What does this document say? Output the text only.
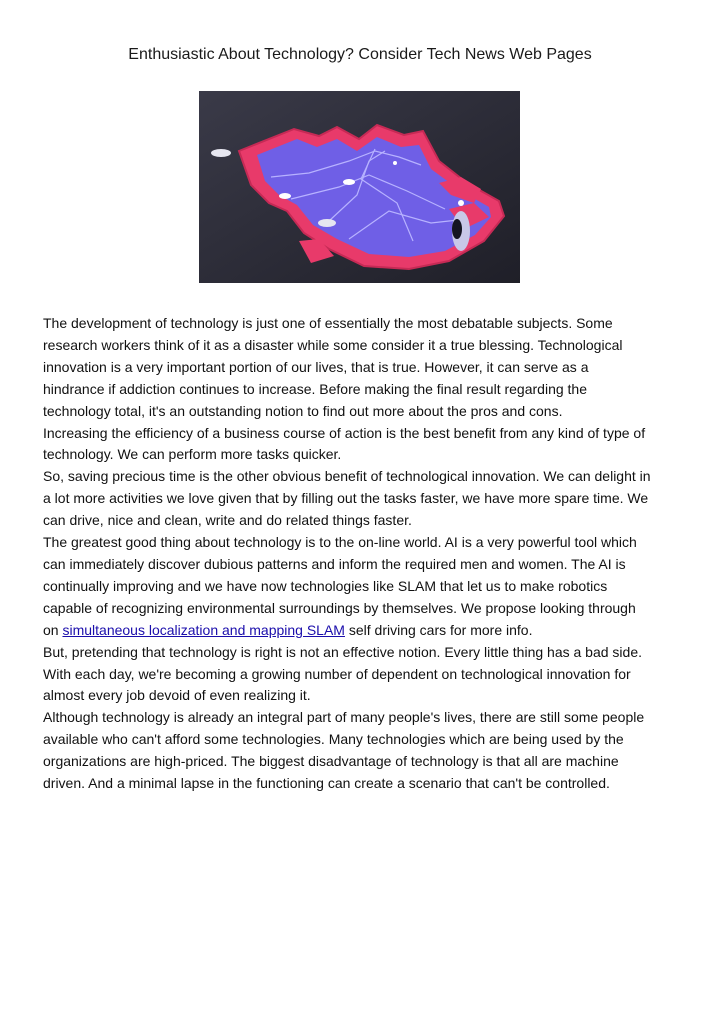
Enthusiastic About Technology? Consider Tech News Web Pages

The development of technology is just one of essentially the most debatable subjects. Some

research workers think of it as a disaster while some consider it a true blessing. Technological

innovation is a very important portion of our lives, that is true. However, it can serve as a

hindrance if addiction continues to increase. Before making the final result regarding the

technology total, it's an outstanding notion to find out more about the pros and cons.

Increasing the efficiency of a business course of action is the best benefit from any kind of type of

technology. We can perform more tasks quicker.

So, saving precious time is the other obvious benefit of technological innovation. We can delight in

a lot more activities we love given that by filling out the tasks faster, we have more spare time. We

can drive, nice and clean, write and do related things faster.

The greatest good thing about technology is to the on-line world. AI is a very powerful tool which

can immediately discover dubious patterns and inform the required men and women. The AI is

continually improving and we have now technologies like SLAM that let us to make robotics

capable of recognizing environmental surroundings by themselves. We propose looking through

on simultaneous localization and mapping SLAM self driving cars for more info.

But, pretending that technology is right is not an effective notion. Every little thing has a bad side.

With each day, we're becoming a growing number of dependent on technological innovation for

almost every job devoid of even realizing it.

Although technology is already an integral part of many people's lives, there are still some people

available who can't afford some technologies. Many technologies which are being used by the

organizations are high-priced. The biggest disadvantage of technology is that all are machine

driven. And a minimal lapse in the functioning can create a scenario that can't be controlled.
